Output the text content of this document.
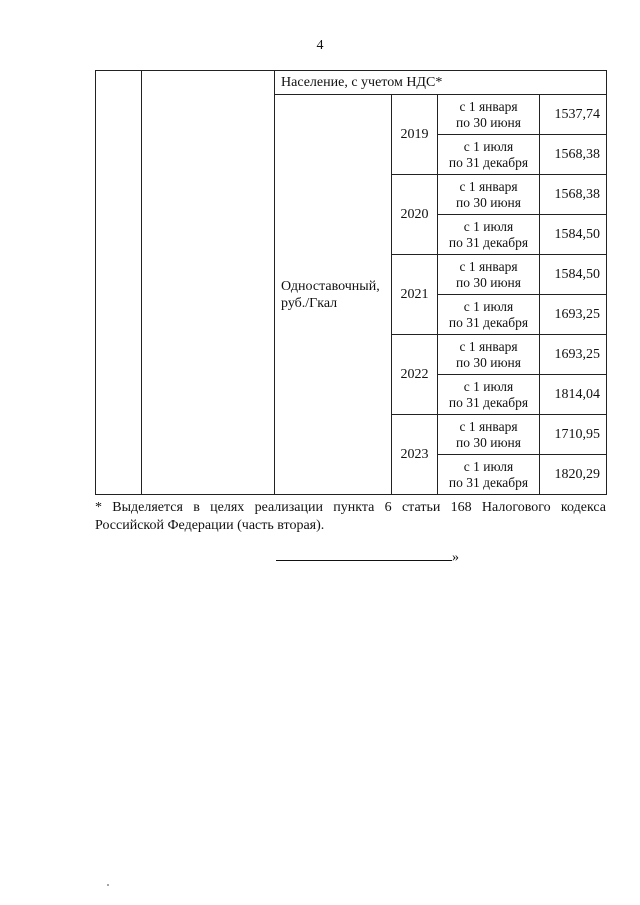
4
		Население, с учетом НДС*			
		Одноставочный, руб./Гкал	2019	с 1 января
по 30 июня	1537,74

				с 1 июля
по 31 декабря	1568,38
			2020	с 1 января
по 30 июня	1568,38

				с 1 июля
по 31 декабря	1584,50
			2021	с 1 января
по 30 июня	1584,50

				с 1 июля
по 31 декабря	1693,25
			2022	с 1 января
по 30 июня	1693,25

				с 1 июля
по 31 декабря	1814,04
			2023	с 1 января
по 30 июня	1710,95

				с 1 июля
по 31 декабря	1820,29
* Выделяется в целях реализации пункта 6 статьи 168 Налогового кодекса Российской Федерации (часть вторая).
»
